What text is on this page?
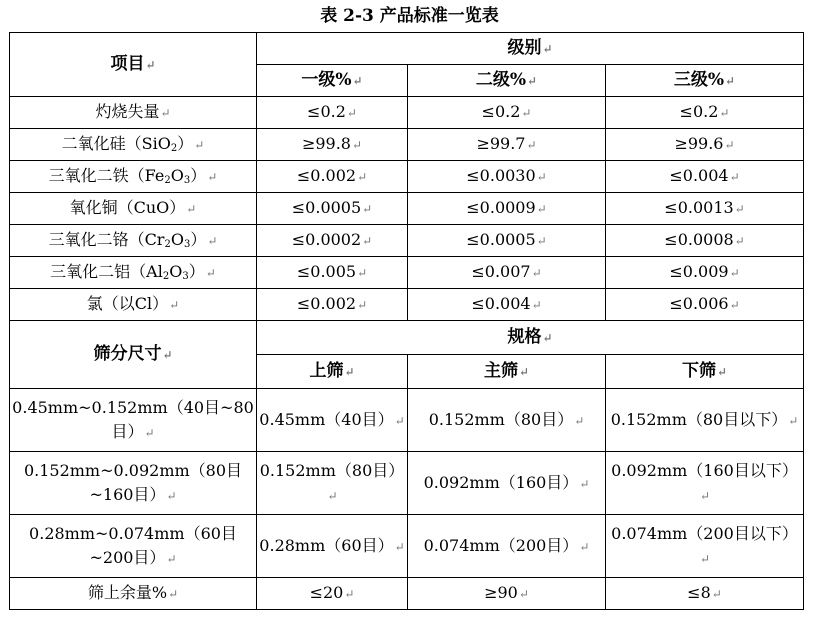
表 2-3 产品标准一览表
项目↵	级别↵		
	一级%↵	二级%↵	三级%↵
灼烧失量↵	≤0.2↵	≤0.2↵	≤0.2↵
二氧化硅（SiO$_2$）↵	≥99.8↵	≥99.7↵	≥99.6↵
三氧化二铁$(Fe_2O_3)↵$	≤0.002↵	≤0.0030↵	≤0.004↵
氧化铜（CuO）↵	≤0.0005↵	≤0.0009↵	≤0.0013↵
三氧化二铬$(Cr_2O_3)↵$	≤0.0002↵	≤0.0005↵	≤0.0008↵
三氧化二铝$(Al_2O_3)↵$	≤0.005↵	≤0.007↵	≤0.009↵
氯（以Cl）↵	≤0.002↵	≤0.004↵	≤0.006↵
筛分尺寸↵	规格↵		
	上筛↵	主筛↵	下筛↵
0.45mm~0.152mm（40目~80目）↵	0.45mm（40目）↵	0.152mm（80目）↵	0.152mm（80目以下）↵
0.152mm~0.092mm（80目~160目）↵	0.152mm（80目）↵	0.092mm（160目）↵	0.092mm（160目以下）↵
0.28mm~0.074mm（60目~200目）↵	0.28mm（60目）↵	0.074mm（200目）↵	0.074mm（200目以下）↵
筛上余量%↵	≤20↵	≥90↵	≤8↵
